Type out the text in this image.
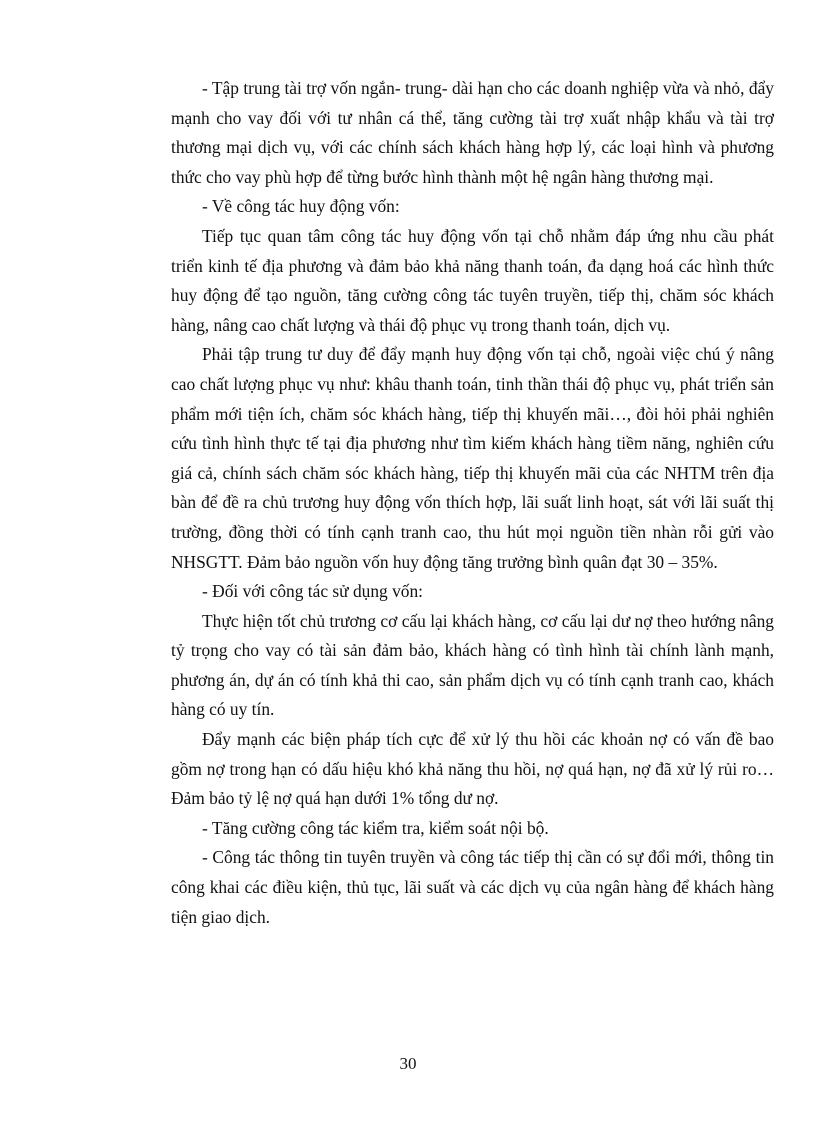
- Tập trung tài trợ vốn ngắn- trung- dài hạn cho các doanh nghiệp vừa và nhỏ, đẩy mạnh cho vay đối với tư nhân cá thể, tăng cường tài trợ xuất nhập khẩu và tài trợ thương mại dịch vụ, với các chính sách khách hàng hợp lý, các loại hình và phương thức cho vay phù hợp để từng bước hình thành một hệ ngân hàng thương mại.

- Về công tác huy động vốn:

Tiếp tục quan tâm công tác huy động vốn tại chỗ nhằm đáp ứng nhu cầu phát triển kinh tế địa phương và đảm bảo khả năng thanh toán, đa dạng hoá các hình thức huy động để tạo nguồn, tăng cường công tác tuyên truyền, tiếp thị, chăm sóc khách hàng, nâng cao chất lượng và thái độ phục vụ trong thanh toán, dịch vụ.

Phải tập trung tư duy để đẩy mạnh huy động vốn tại chỗ, ngoài việc chú ý nâng cao chất lượng phục vụ như: khâu thanh toán, tinh thần thái độ phục vụ, phát triển sản phẩm mới tiện ích, chăm sóc khách hàng, tiếp thị khuyến mãi…, đòi hỏi phải nghiên cứu tình hình thực tế tại địa phương như tìm kiếm khách hàng tiềm năng, nghiên cứu giá cả, chính sách chăm sóc khách hàng, tiếp thị khuyến mãi của các NHTM trên địa bàn để đề ra chủ trương huy động vốn thích hợp, lãi suất linh hoạt, sát với lãi suất thị trường, đồng thời có tính cạnh tranh cao, thu hút mọi nguồn tiền nhàn rỗi gửi vào NHSGTT. Đảm bảo nguồn vốn huy động tăng trưởng bình quân đạt 30 – 35%.

- Đối với công tác sử dụng vốn:

Thực hiện tốt chủ trương cơ cấu lại khách hàng, cơ cấu lại dư nợ theo hướng nâng tỷ trọng cho vay có tài sản đảm bảo, khách hàng có tình hình tài chính lành mạnh, phương án, dự án có tính khả thi cao, sản phẩm dịch vụ có tính cạnh tranh cao, khách hàng có uy tín.

Đẩy mạnh các biện pháp tích cực để xử lý thu hồi các khoản nợ có vấn đề bao gồm nợ trong hạn có dấu hiệu khó khả năng thu hồi, nợ quá hạn, nợ đã xử lý rủi ro…Đảm bảo tỷ lệ nợ quá hạn dưới 1% tổng dư nợ.

- Tăng cường công tác kiểm tra, kiểm soát nội bộ.

- Công tác thông tin tuyên truyền và công tác tiếp thị cần có sự đổi mới, thông tin công khai các điều kiện, thủ tục, lãi suất và các dịch vụ của ngân hàng để khách hàng tiện giao dịch.

30
